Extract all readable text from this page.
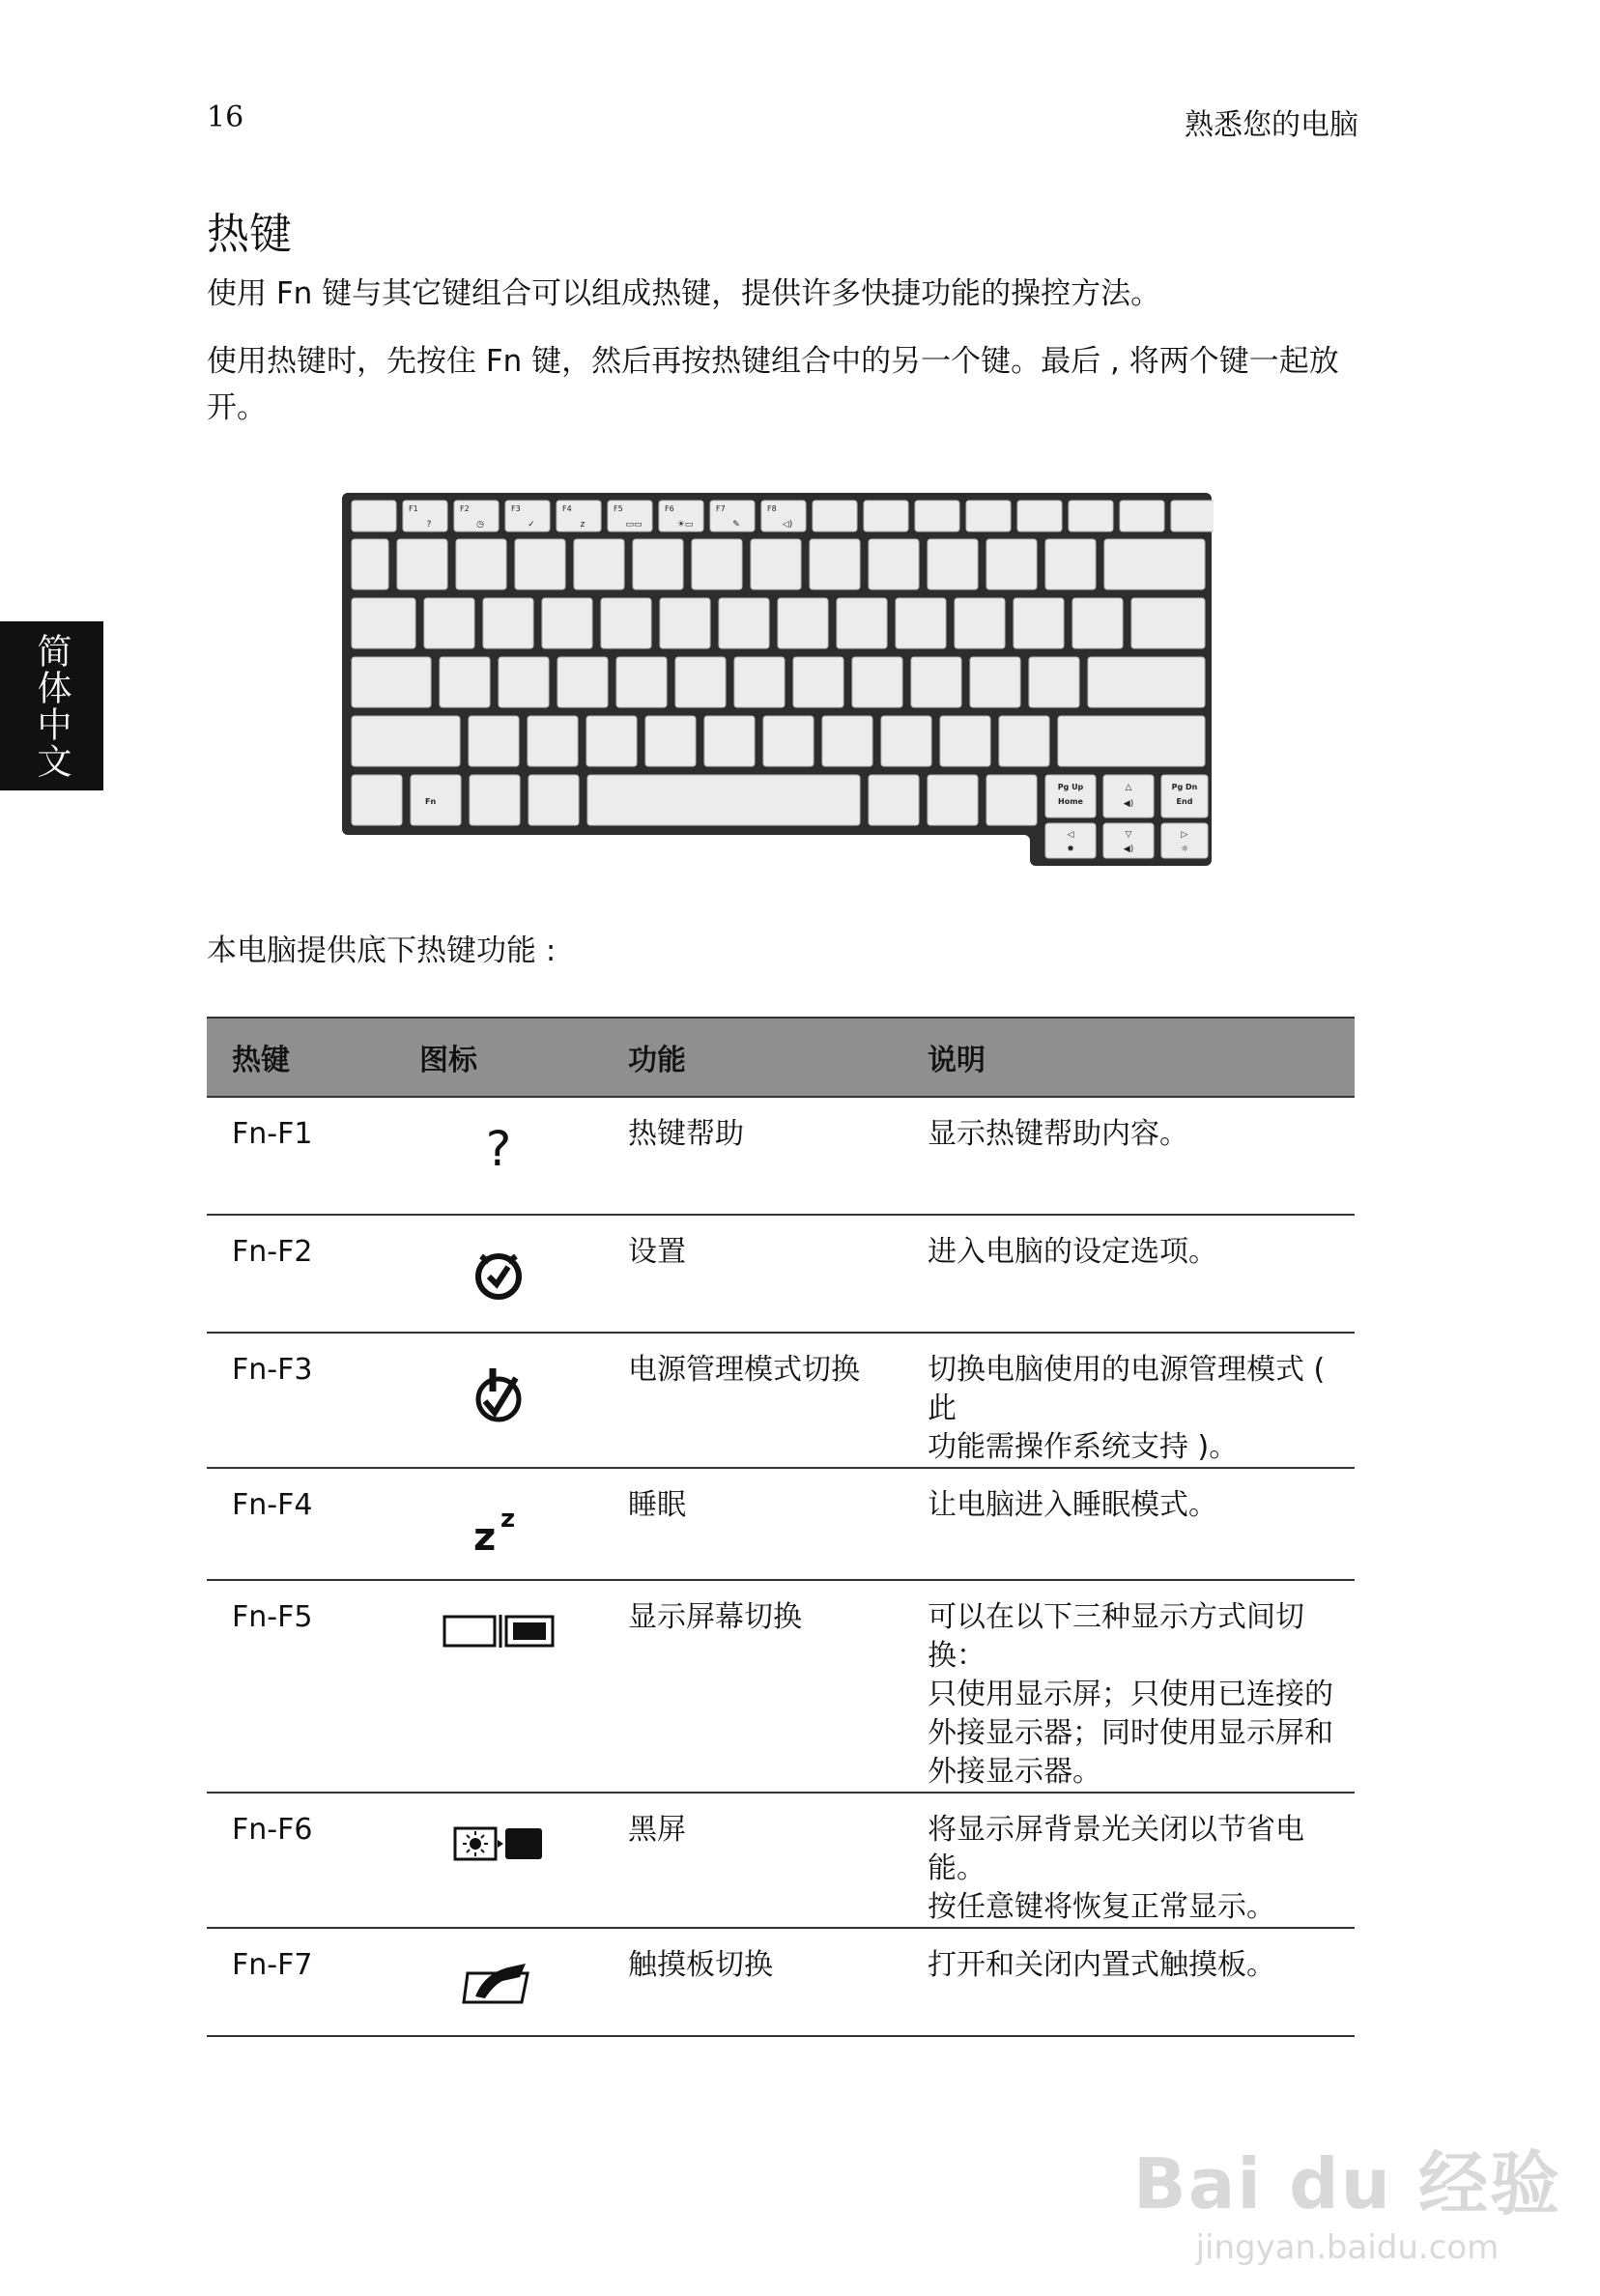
16	熟悉您的电脑
简体中文
热键

使用 Fn 键与其它键组合可以组成热键，提供许多快捷功能的操控方法。

使用热键时，先按住 Fn 键，然后再按热键组合中的另一个键。最后 , 将两个键一起放开。

F1
?
F2
◷
F3
✓
F4
z
F5
▭▭
F6
☀▭
F7
✎
F8
◁)
Fn
Pg Up
Home
△
◀)
Pg Dn
End
◁
✹
▽
◀)
▷
☼

本电脑提供底下热键功能 :

热键	图标	功能	说明
Fn-F1	?	热键帮助	显示热键帮助内容。
Fn-F2		设置	进入电脑的设定选项。
Fn-F3		电源管理模式切换	切换电脑使用的电源管理模式 ( 此
功能需操作系统支持 )。
Fn-F4	z z	睡眠	让电脑进入睡眠模式。
Fn-F5		显示屏幕切换	可以在以下三种显示方式间切换：
只使用显示屏；只使用已连接的
外接显示器；同时使用显示屏和
外接显示器。
Fn-F6		黑屏	将显示屏背景光关闭以节省电能。
按任意键将恢复正常显示。
Fn-F7		触摸板切换	打开和关闭内置式触摸板。
Bai du 经验
jingyan.baidu.com
